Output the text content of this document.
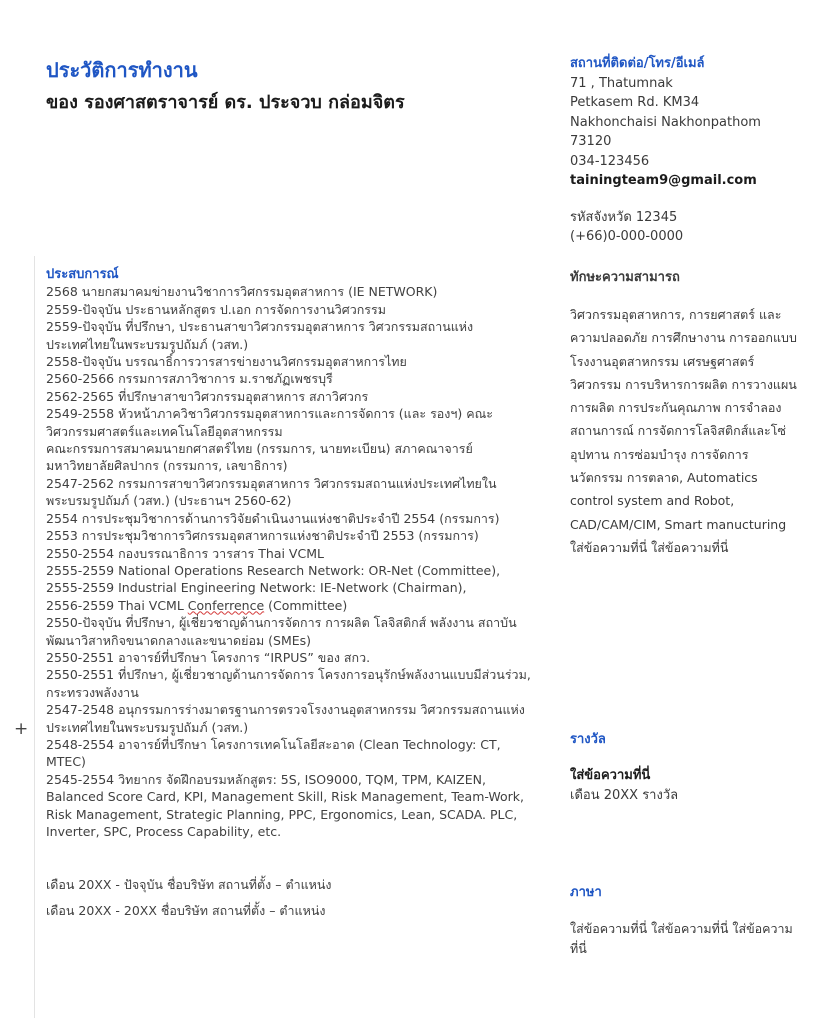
+
ประวัติการทำงาน
ของ รองศาสตราจารย์ ดร. ประจวบ กล่อมจิตร
สถานที่ติดต่อ/โทร/อีเมล์
71 , Thatumnak
Petkasem Rd. KM34
Nakhonchaisi Nakhonpathom
73120
034-123456
tainingteam9@gmail.com
รหัสจังหวัด 12345
(+66)0-000-0000
ประสบการณ์
2568 นายกสมาคมข่ายงานวิชาการวิศกรรมอุตสาหการ (IE NETWORK)
2559-ปัจจุบัน ประธานหลักสูตร ป.เอก การจัดการงานวิศวกรรม
2559-ปัจจุบัน ที่ปรึกษา, ประธานสาขาวิศวกรรมอุตสาหการ วิศวกรรมสถานแห่งประเทศไทยในพระบรมรูปถัมภ์ (วสท.)
2558-ปัจจุบัน บรรณาธิ์การวารสารข่ายงานวิศกรรมอุตสาหการไทย
2560-2566 กรรมการสภาวิชาการ ม.ราชภัฏเพชรบุรี
2562-2565 ที่ปรึกษาสาขาวิศวกรรมอุตสาหการ สภาวิศวกร
2549-2558 หัวหน้าภาควิชาวิศวกรรมอุตสาหการและการจัดการ (และ รองฯ) คณะวิศวกรรมศาสตร์และเทคโนโลยีอุตสาหกรรม
คณะกรรมการสมาคมนายกศาสตร์ไทย (กรรมการ, นายทะเบียน) สภาคณาจารย์มหาวิทยาลัยศิลปากร (กรรมการ, เลขาธิการ)
2547-2562 กรรมการสาขาวิศวกรรมอุตสาหการ วิศวกรรมสถานแห่งประเทศไทยในพระบรมรูปถัมภ์ (วสท.) (ประธานฯ 2560-62)
2554 การประชุมวิชาการด้านการวิจัยดำเนินงานแห่งชาติประจำปี 2554 (กรรมการ)
2553 การประชุมวิชาการวิศกรรมอุตสาหการแห่งชาติประจำปี 2553 (กรรมการ)
2550-2554 กองบรรณาธิการ วารสาร Thai VCML
2555-2559 National Operations Research Network: OR-Net (Committee),
2555-2559 Industrial Engineering Network: IE-Network (Chairman),
2556-2559 Thai VCML Conferrence (Committee)
2550-ปัจจุบัน ที่ปรึกษา, ผู้เชี่ยวชาญด้านการจัดการ การผลิต โลจิสติกส์ พลังงาน สถาบันพัฒนาวิสาหกิจขนาดกลางและขนาดย่อม (SMEs)
2550-2551 อาจารย์ที่ปรึกษา โครงการ “IRPUS” ของ สกว.
2550-2551 ที่ปรึกษา, ผู้เชี่ยวชาญด้านการจัดการ โครงการอนุรักษ์พลังงานแบบมีส่วนร่วม, กระทรวงพลังงาน
2547-2548 อนุกรรมการร่างมาตรฐานการตรวจโรงงานอุตสาหกรรม วิศวกรรมสถานแห่งประเทศไทยในพระบรมรูปถัมภ์ (วสท.)
2548-2554 อาจารย์ที่ปรึกษา โครงการเทคโนโลยีสะอาด (Clean Technology: CT, MTEC)
2545-2554 วิทยากร จัดฝึกอบรมหลักสูตร: 5S, ISO9000, TQM, TPM, KAIZEN, Balanced Score Card, KPI, Management Skill, Risk Management, Team-Work, Risk Management, Strategic Planning, PPC, Ergonomics, Lean, SCADA. PLC, Inverter, SPC, Process Capability, etc.
เดือน 20XX - ปัจจุบัน ชื่อบริษัท สถานที่ตั้ง – ตำแหน่ง
เดือน 20XX - 20XX ชื่อบริษัท สถานที่ตั้ง – ตำแหน่ง
ทักษะความสามารถ
วิศวกรรมอุตสาหการ, การยศาสตร์ และ ความปลอดภัย การศึกษางาน การออกแบบโรงงานอุตสาหกรรม เศรษฐศาสตร์วิศวกรรม การบริหารการผลิต การวางแผนการผลิต การประกันคุณภาพ การจำลองสถานการณ์ การจัดการโลจิสติกส์และโซ่อุปทาน การซ่อมบำรุง การจัดการนวัตกรรม การตลาด, Automatics control system and Robot, CAD/CAM/CIM, Smart manucturing
ใส่ข้อความที่นี่ ใส่ข้อความที่นี่
รางวัล
ใส่ข้อความที่นี่
เดือน 20XX รางวัล
ภาษา
ใส่ข้อความที่นี่ ใส่ข้อความที่นี่ ใส่ข้อความที่นี่
